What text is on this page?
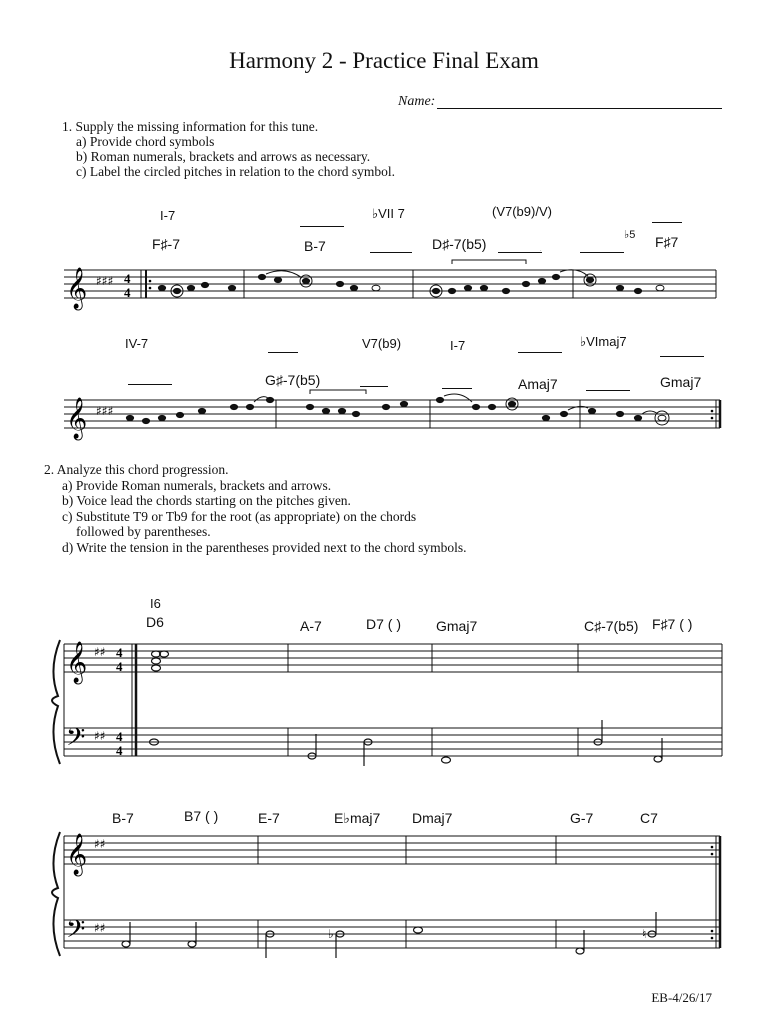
Harmony 2 - Practice Final Exam
Name:
1. Supply the missing information for this tune.
a) Provide chord symbols
b) Roman numerals, brackets and arrows as necessary.
c) Label the circled pitches in relation to the chord symbol.
I-7	♭VII 7	(V7(b9)/V)
F♯-7	B-7	D♯-7(b5)
♭5 F♯7
IV-7	V7(b9)	I-7	♭VImaj7
G♯-7(b5)	Amaj7	Gmaj7
𝄞 ♯♯♯ 4
4
𝄞 ♯♯♯
2. Analyze this chord progression.
a) Provide Roman numerals, brackets and arrows.
b) Voice lead the chords starting on the pitches given.
c) Substitute T9 or Tb9 for the root (as appropriate) on the chords
followed by parentheses.
d) Write the tension in the parentheses provided next to the chord symbols.
I6
D6	A-7	D7 ( )	Gmaj7	C♯-7(b5) F♯7 ( )
𝄞
𝄢
♯♯
♯♯
4
4
4
4
B-7	B7 ( )	E-7	E♭maj7 Dmaj7	G-7	C7
𝄞
𝄢
♯♯
♯♯	♭	♮
EB-4/26/17
